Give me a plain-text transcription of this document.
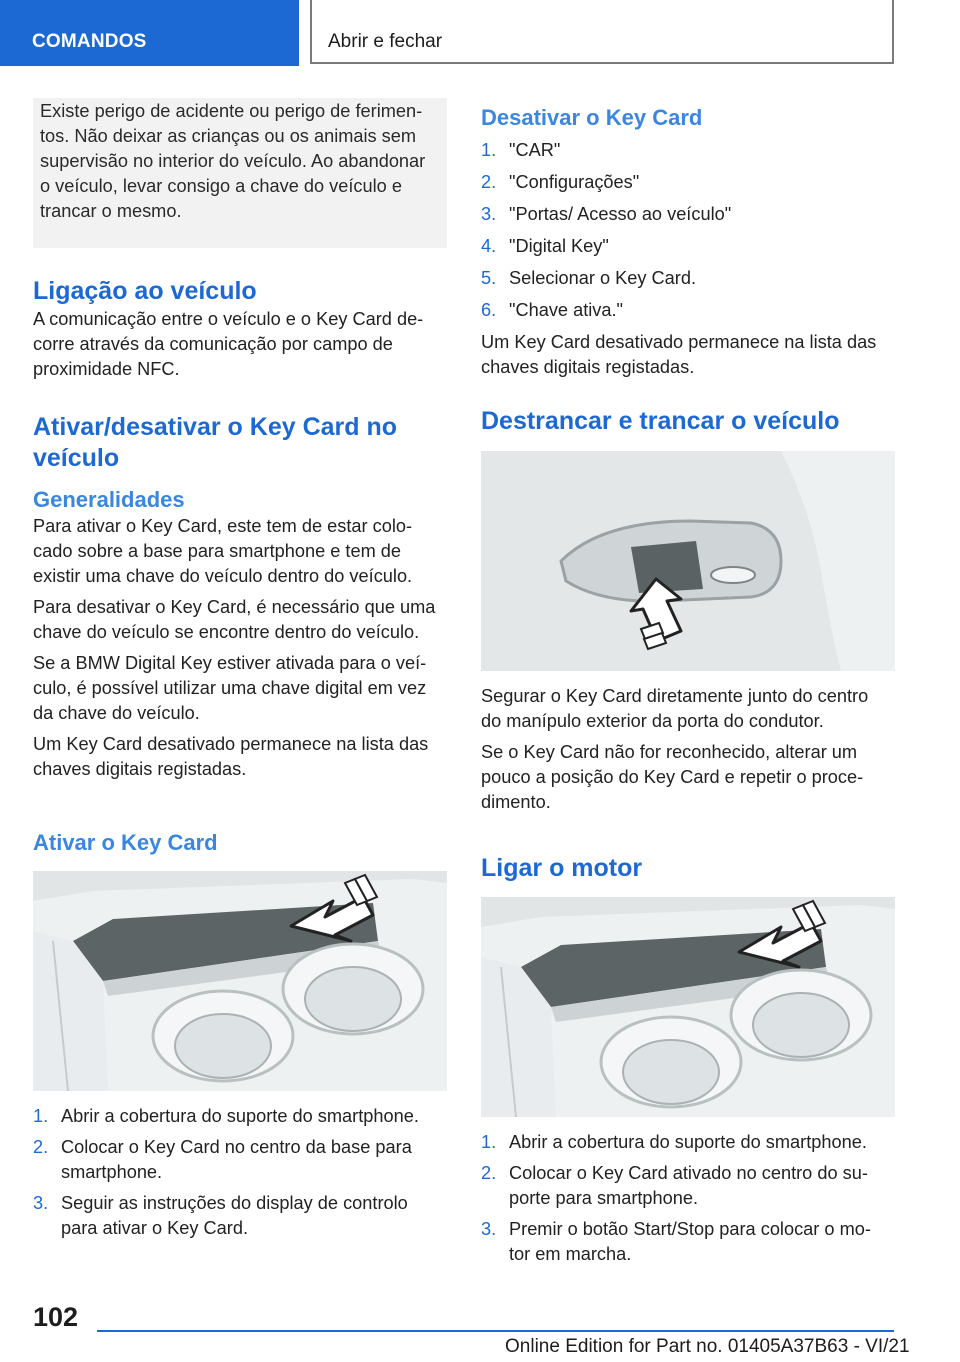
COMANDOS	Abrir e fechar

Existe perigo de acidente ou perigo de ferimen-

tos. Não deixar as crianças ou os animais sem

supervisão no interior do veículo. Ao abandonar

o veículo, levar consigo a chave do veículo e

trancar o mesmo.

Ligação ao veículo

A comunicação entre o veículo e o Key Card de-

corre através da comunicação por campo de

proximidade NFC.

Ativar/desativar o Key Card no
veículo
Generalidades

Para ativar o Key Card, este tem de estar colo-

cado sobre a base para smartphone e tem de

existir uma chave do veículo dentro do veículo.

Para desativar o Key Card, é necessário que uma

chave do veículo se encontre dentro do veículo.

Se a BMW Digital Key estiver ativada para o veí-

culo, é possível utilizar uma chave digital em vez

da chave do veículo.

Um Key Card desativado permanece na lista das

chaves digitais registadas.

Ativar o Key Card
1. Abrir a cobertura do suporte do smartphone.
2. Colocar o Key Card no centro da base para
smartphone.
3. Seguir as instruções do display de controlo
para ativar o Key Card.
Desativar o Key Card
1. "CAR"
2. "Configurações"
3. "Portas/ Acesso ao veículo"
4. "Digital Key"
5. Selecionar o Key Card.
6. "Chave ativa."

Um Key Card desativado permanece na lista das

chaves digitais registadas.

Destrancar e trancar o veículo

Segurar o Key Card diretamente junto do centro

do manípulo exterior da porta do condutor.

Se o Key Card não for reconhecido, alterar um

pouco a posição do Key Card e repetir o proce-

dimento.

Ligar o motor
1. Abrir a cobertura do suporte do smartphone.
2. Colocar o Key Card ativado no centro do su-
porte para smartphone.
3. Premir o botão Start/Stop para colocar o mo-
tor em marcha.
102
Online Edition for Part no. 01405A37B63 - VI/21
